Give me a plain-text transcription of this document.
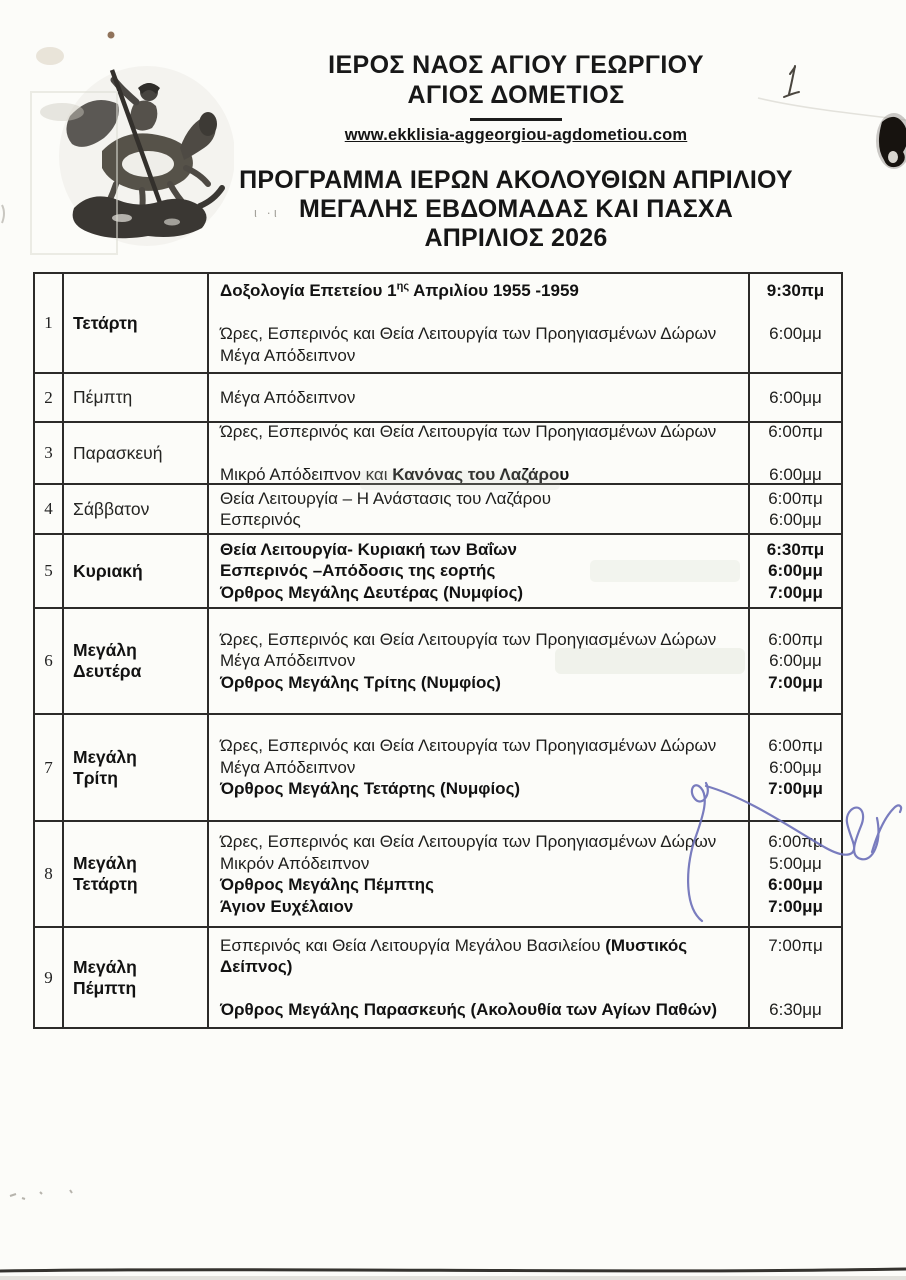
ΙΕΡΟΣ ΝΑΟΣ ΑΓΙΟΥ ΓΕΩΡΓΙΟΥ
ΑΓΙΟΣ ΔΟΜΕΤΙΟΣ
www.ekklisia-aggeorgiou-agdometiou.com
ΠΡΟΓΡΑΜΜΑ ΙΕΡΩΝ ΑΚΟΛΟΥΘΙΩΝ ΑΠΡΙΛΙΟΥ
ι ·ι ΜΕΓΑΛΗΣ ΕΒΔΟΜΑΔΑΣ ΚΑΙ ΠΑΣΧΑ
ΑΠΡΙΛΙΟΣ 2026
1 Τετάρτη
Δοξολογία Επετείου $1^{\eta\varsigma}$ Απριλίου 1955 -1959
Ώρες, Εσπερινός και Θεία Λειτουργία των Προηγιασμένων Δώρων
Μέγα Απόδειπνον
9:30πμ
6:00μμ
2 Πέμπτη	Μέγα Απόδειπνον	6:00μμ
3 Παρασκευή
Ώρες, Εσπερινός και Θεία Λειτουργία των Προηγιασμένων Δώρων
Μικρό Απόδειπνον και Κανόνας του Λαζάρου
6:00πμ
6:00μμ
4 Σάββατον
Θεία Λειτουργία – Η Ανάστασις του Λαζάρου
Εσπερινός
6:00πμ
6:00μμ
5 Κυριακή
Θεία Λειτουργία- Κυριακή των Βαΐων
Εσπερινός –Απόδοσις της εορτής
Όρθρος Μεγάλης Δευτέρας (Νυμφίος)
6:30πμ
6:00μμ
7:00μμ
6
Μεγάλη
Δευτέρα
Ώρες, Εσπερινός και Θεία Λειτουργία των Προηγιασμένων Δώρων
Μέγα Απόδειπνον
Όρθρος Μεγάλης Τρίτης (Νυμφίος)
6:00πμ
6:00μμ
7:00μμ
7
Μεγάλη
Τρίτη
Ώρες, Εσπερινός και Θεία Λειτουργία των Προηγιασμένων Δώρων
Μέγα Απόδειπνον
Όρθρος Μεγάλης Τετάρτης (Νυμφίος)
6:00πμ
6:00μμ
7:00μμ
8
Μεγάλη
Τετάρτη
Ώρες, Εσπερινός και Θεία Λειτουργία των Προηγιασμένων Δώρων
Μικρόν Απόδειπνον
Όρθρος Μεγάλης Πέμπτης
Άγιον Ευχέλαιον
6:00πμ
5:00μμ
6:00μμ
7:00μμ
9
Μεγάλη
Πέμπτη
Εσπερινός και Θεία Λειτουργία Μεγάλου Βασιλείου (Μυστικός
Δείπνος)
Όρθρος Μεγάλης Παρασκευής (Ακολουθία των Αγίων Παθών)
7:00πμ
6:30μμ
